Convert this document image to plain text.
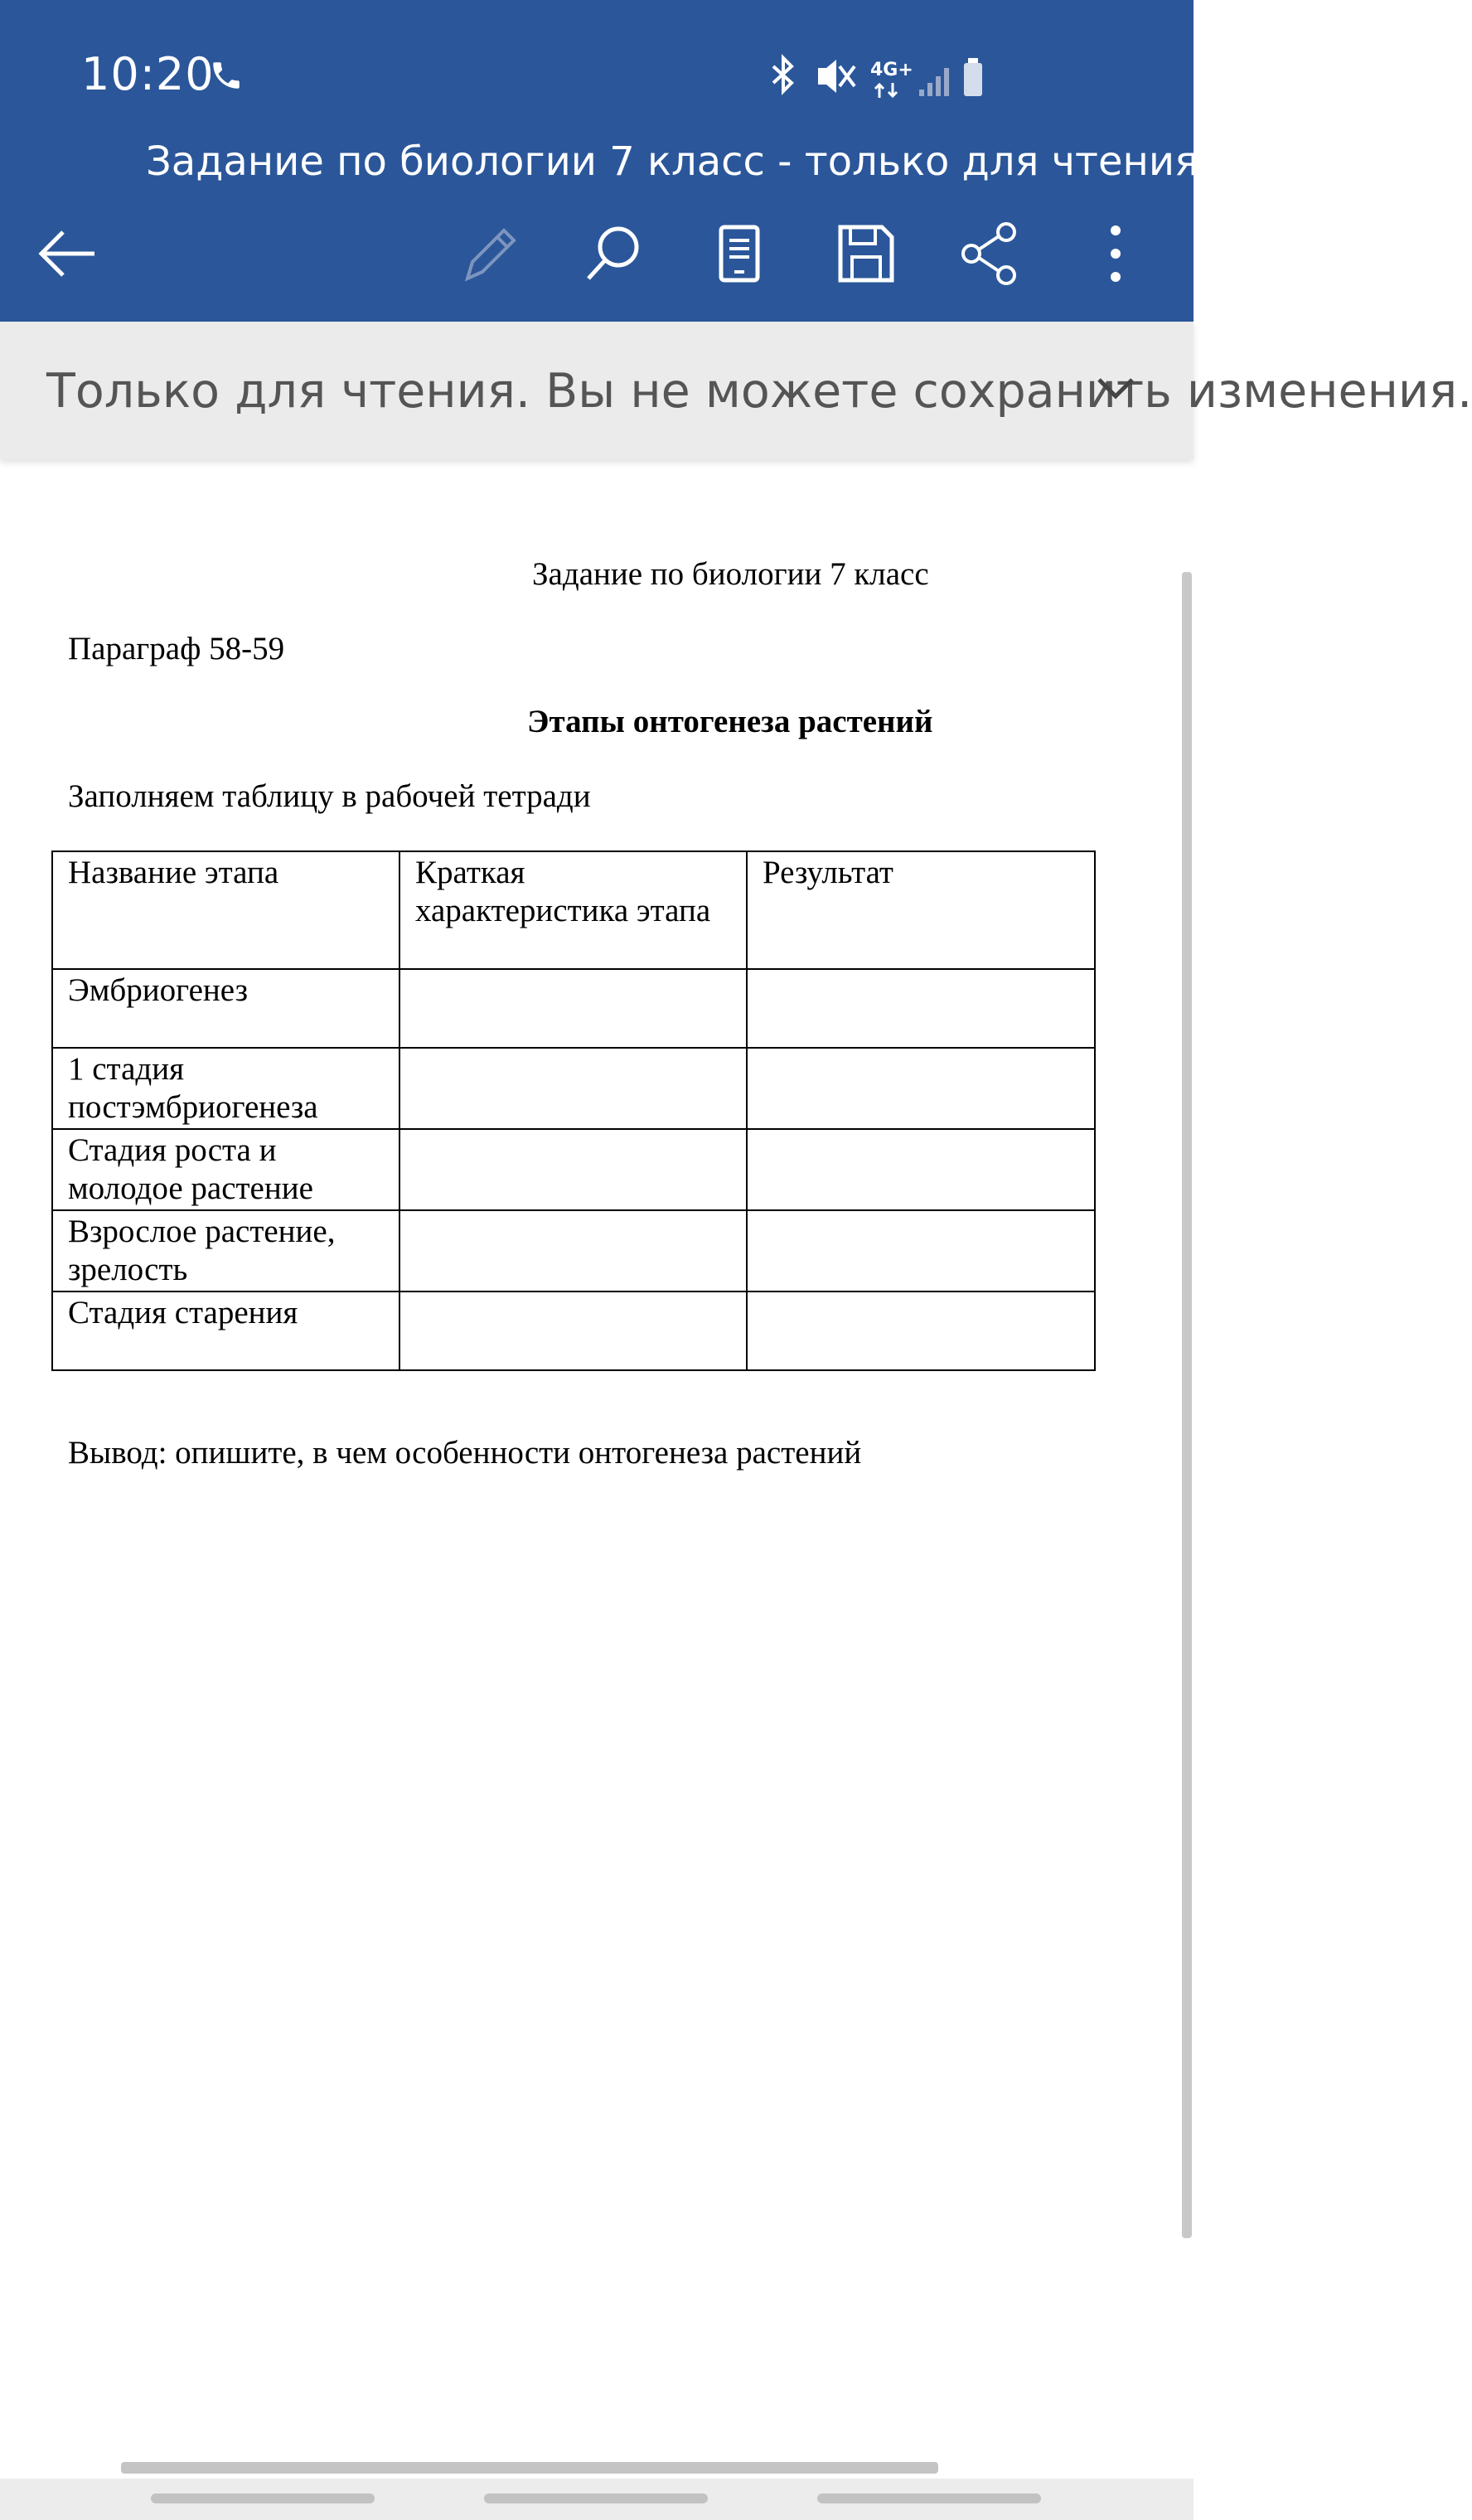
10:20	4G+
Задание по биологии 7 класс - только для чтения
Только для чтения. Вы не можете сохранить изменения.
Задание по биологии 7 класс
Параграф 58-59
Этапы онтогенеза растений
Заполняем таблицу в рабочей тетради
Название этапа	Краткая характеристика этапа	Результат
Эмбриогенез		
1 стадия постэмбриогенеза		
Стадия роста и молодое растение		
Взрослое растение, зрелость		
Стадия старения		
Вывод: опишите, в чем особенности онтогенеза растений
